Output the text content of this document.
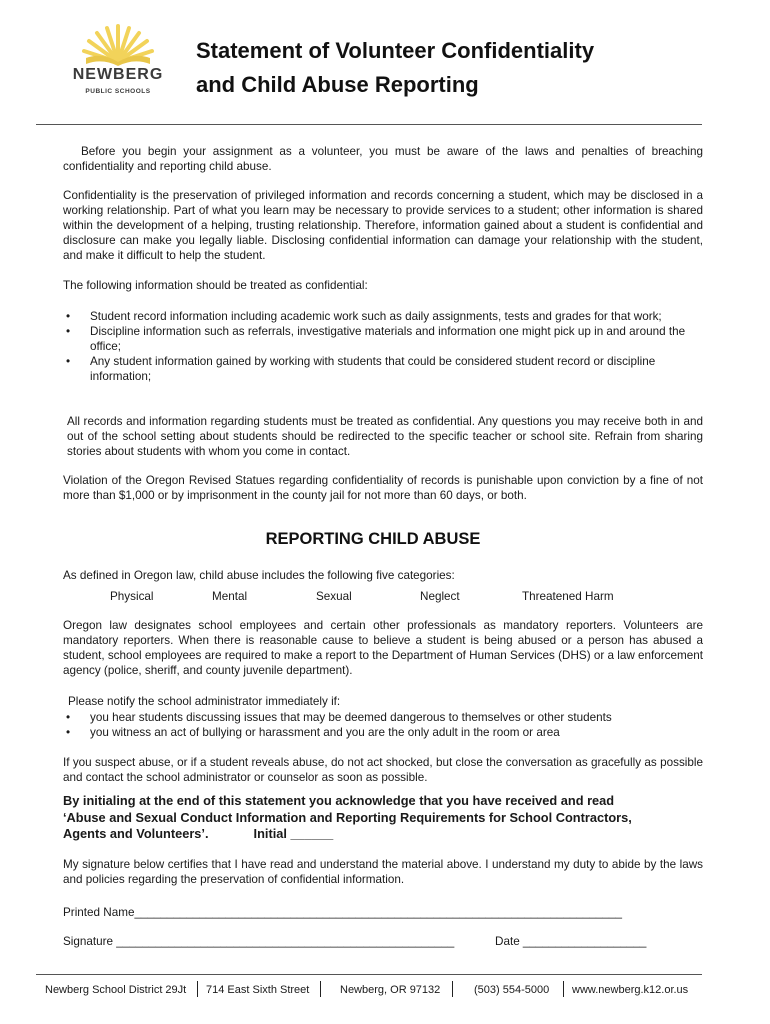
NEWBERG
PUBLIC SCHOOLS
Statement of Volunteer Confidentiality
and Child Abuse Reporting
Before you begin your assignment as a volunteer, you must be aware of the laws and penalties of breaching confidentiality and reporting child abuse.
Confidentiality is the preservation of privileged information and records concerning a student, which may be disclosed in a working relationship. Part of what you learn may be necessary to provide services to a student; other information is shared within the development of a helping, trusting relationship. Therefore, information gained about a student is confidential and disclosure can make you legally liable. Disclosing confidential information can damage your relationship with the student, and make it difficult to help the student.
The following information should be treated as confidential:
• Student record information including academic work such as daily assignments, tests and grades for that work;
• Discipline information such as referrals, investigative materials and information one might pick up in and around the office;
• Any student information gained by working with students that could be considered student record or discipline information;
All records and information regarding students must be treated as confidential. Any questions you may receive both in and out of the school setting about students should be redirected to the specific teacher or school site. Refrain from sharing stories about students with whom you come in contact.
Violation of the Oregon Revised Statues regarding confidentiality of records is punishable upon conviction by a fine of not more than $1,000 or by imprisonment in the county jail for not more than 60 days, or both.
REPORTING CHILD ABUSE
As defined in Oregon law, child abuse includes the following five categories:
Physical	Mental	Sexual	Neglect	Threatened Harm
Oregon law designates school employees and certain other professionals as mandatory reporters. Volunteers are mandatory reporters. When there is reasonable cause to believe a student is being abused or a person has abused a student, school employees are required to make a report to the Department of Human Services (DHS) or a law enforcement agency (police, sheriff, and county juvenile department).
Please notify the school administrator immediately if:
• you hear students discussing issues that may be deemed dangerous to themselves or other students
• you witness an act of bullying or harassment and you are the only adult in the room or area
If you suspect abuse, or if a student reveals abuse, do not act shocked, but close the conversation as gracefully as possible and contact the school administrator or counselor as soon as possible.
By initialing at the end of this statement you acknowledge that you have received and read
‘Abuse and Sexual Conduct Information and Reporting Requirements for School Contractors,
Agents and Volunteers’.	Initial ______
My signature below certifies that I have read and understand the material above. I understand my duty to abide by the laws and policies regarding the preservation of confidential information.
Printed Name___________________________________________________________________________
Signature ____________________________________________________	Date ___________________
Newberg School District 29Jt 714 East Sixth Street	Newberg, OR 97132	(503) 554-5000 www.newberg.k12.or.us
